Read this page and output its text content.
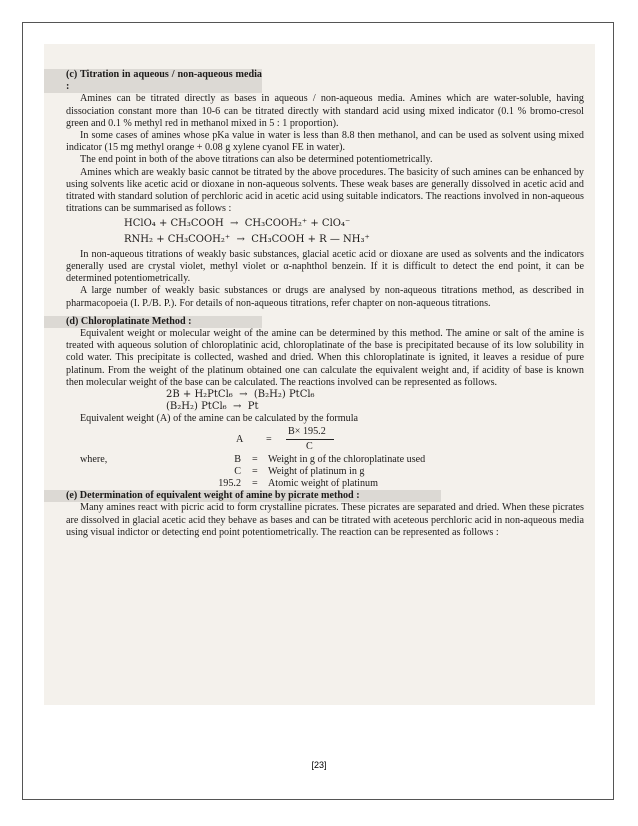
(c) Titration in aqueous / non-aqueous media :

Amines can be titrated directly as bases in aqueous / non-aqueous media. Amines which are water-soluble, having dissociation constant more than 10-6 can be titrated directly with standard acid using mixed indicator (0.1 % bromo-cresol green and 0.1 % methyl red in methanol mixed in 5 : 1 proportion).

In some cases of amines whose pKa value in water is less than 8.8 then methanol, and can be used as solvent using mixed indicator (15 mg methyl orange + 0.08 g xylene cyanol FE in water).

The end point in both of the above titrations can also be determined potentiometrically.

Amines which are weakly basic cannot be titrated by the above procedures. The basicity of such amines can be enhanced by using solvents like acetic acid or dioxane in non-aqueous solvents. These weak bases are generally dissolved in acetic acid and titrated with standard solution of perchloric acid in acetic acid using suitable indicators. The reactions involved in non-aqueous titrations can be summarised as follows :

HClO₄ + CH₃COOH  →  CH₃COOH₂⁺ + ClO₄⁻

RNH₂ + CH₃COOH₂⁺  →  CH₃COOH + R — NH₃⁺

In non-aqueous titrations of weakly basic substances, glacial acetic acid or dioxane are used as solvents and the indicators generally used are crystal violet, methyl violet or α-naphthol benzein. If it is difficult to detect the end point, it can be determined potentiometrically.

A large number of weakly basic substances or drugs are analysed by non-aqueous titrations method, as described in pharmacopoeia (I. P./B. P.). For details of non-aqueous titrations, refer chapter on non-aqueous titrations.

(d) Chloroplatinate Method :

Equivalent weight or molecular weight of the amine can be determined by this method. The amine or salt of the amine is treated with aqueous solution of chloroplatinic acid, chloroplatinate of the base is precipitated because of its low solubility in cold water. This precipitate is collected, washed and dried. When this chloroplatinate is ignited, it leaves a residue of pure platinum. From the weight of the platinum obtained one can calculate the equivalent weight and, if acidity of base is known then molecular weight of the base can be calculated. The reactions involved can be represented as follows.

2B + H₂PtCl₆  →  (B₂H₂) PtCl₆

(B₂H₂) PtCl₆  →  Pt

Equivalent weight (A) of the amine can be calculated by the formula

A =
B× 195.2
C
where,	B = Weight in g of the chloroplatinate used
C = Weight of platinum in g
195.2 = Atomic weight of platinum

(e) Determination of equivalent weight of amine by picrate method :

Many amines react with picric acid to form crystalline picrates. These picrates are separated and dried. When these picrates are dissolved in glacial acetic acid they behave as bases and can be titrated with aceteous perchloric acid in non-aqueous media using visual indictor or detecting end point potentiometrically. The reaction can be represented as follows :

[23]
